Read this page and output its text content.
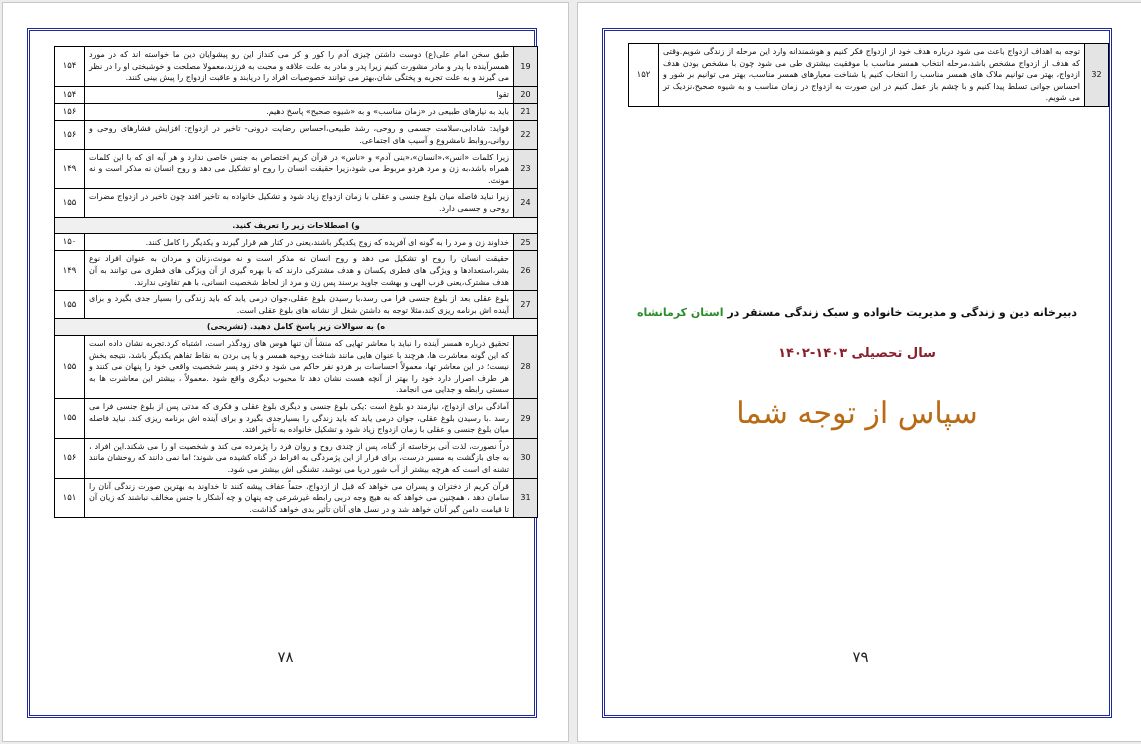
19	طبق سخن امام علی(ع) دوست داشتن چیزی آدم را کور و کر می کنداز این رو پیشوایان دین ما خواسته اند که در مورد همسرآینده با پدر و مادر مشورت کنیم زیرا پدر و مادر به علت علاقه و محبت به فرزند،معمولا مصلحت و خوشبختی او را در نظر می گیرند و به علت تجربه و پختگی شان،بهتر می توانند خصوصیات افراد را دریابند و عاقبت ازدواج را پیش بینی کنند.	۱۵۴
20	تقوا	۱۵۴
21	باید به نیازهای طبیعی در «زمان مناسب» و به «شیوه صحیح» پاسخ دهیم.	۱۵۶
22	فواید: شادابی،سلامت جسمی و روحی، رشد طبیعی،احساس رضایت درونی- تاخیر در ازدواج: افزایش فشارهای روحی و روانی،روابط نامشروع و آسیب های اجتماعی.	۱۵۶
23	زیرا کلمات «انس»،«انسان»،«بنی آدم» و «ناس» در قرآن کریم اختصاص به جنس خاصی ندارد و هر آیه ای که با این کلمات همراه باشد،به زن و مرد هردو مربوط می شود،زیرا حقیقت انسان را روح او تشکیل می دهد و روح انسان نه مذکر است و نه مونث.	۱۴۹
24	زیرا نباید فاصله میان بلوغ جنسی و عقلی با زمان ازدواج زیاد شود و تشکیل خانواده به تاخیر افتد چون تاخیر در ازدواج مضرات روحی و جسمی دارد.	۱۵۵
و) اصطلاحات زیر را تعریف کنید.		
25	خداوند زن و مرد را به گونه ای آفریده که زوج یکدیگر باشند،یعنی در کنار هم قرار گیرند و یکدیگر را کامل کنند.	۱۵۰
26	حقیقت انسان را روح او تشکیل می دهد و روح انسان نه مذکر است و نه مونث،زنان و مردان به عنوان افراد نوع بشر،استعدادها و ویژگی های فطری یکسان و هدف مشترکی دارند که با بهره گیری از آن ویژگی های فطری می توانند به آن هدف مشترک،یعنی قرب الهی و بهشت جاوید برسند پس زن و مرد از لحاظ شخصیت انسانی، با هم تفاوتی ندارند.	۱۴۹
27	بلوغ عقلی بعد از بلوغ جنسی فرا می رسد،با رسیدن بلوغ عقلی،جوان درمی یابد که باید زندگی را بسیار جدی بگیرد و برای آینده اش برنامه ریزی کند،مثلا توجه به داشتن شغل از نشانه های بلوغ عقلی است.	۱۵۵
ه) به سوالات زیر پاسخ کامل دهید. (تشریحی)		
28	تحقیق درباره همسر آینده را نباید با معاشر تهایی که منشأ آن تنها هوس های زودگذر است، اشتباه کرد.تجربه نشان داده است که این گونه معاشرت ها، هرچند با عنوان هایی مانند شناخت روحیه همسر و یا پی بردن به نقاط تفاهم یکدیگر باشد، نتیجه بخش نیست؛ در این معاشر تها، معمولاً احساسات بر هردو نفر حاکم می شود و دختر و پسر شخصیت واقعی خود را پنهان می کنند و هر طرف اصرار دارد خود را بهتر از آنچه هست نشان دهد تا محبوب دیگری واقع شود .معمولاً ، بیشتر این معاشرت ها به سستی رابطه و جدایی می انجامد.	۱۵۵
29	آمادگی برای ازدواج، نیازمند دو بلوغ است :یکی بلوغ جنسی و دیگری بلوغ عقلی و فکری که مدتی پس از بلوغ جنسی فرا می رسد .با رسیدن بلوغ عقلی، جوان درمی یابد که باید زندگی را بسیارجدی بگیرد و برای آینده اش برنامه ریزی کند. نباید فاصله میان بلوغ جنسی و عقلی با زمان ازدواج زیاد شود و تشکیل خانواده به تأخیر افتد.	۱۵۵
30	دراً نصورت، لذت آنی برخاسته از گناه، پس از چندی روح و روان فرد را پژمرده می کند و شخصیت او را می شکند.این افراد ، به جای بازگشت به مسیر درست، برای فرار از این پژمردگی به افراط در گناه کشیده می شوند؛ اما نمی دانند که روحشان مانند تشنه ای است که هرچه بیشتر از آب شور دریا می نوشد، تشنگی اش بیشتر می شود.	۱۵۶
31	قرآن کریم از دختران و پسران می خواهد که قبل از ازدواج، حتماً عفاف پیشه کنند تا خداوند به بهترین صورت زندگی آنان را سامان دهد ، همچنین می خواهد که به هیچ وجه دربی رابطه غیرشرعی چه پنهان و چه آشکار با جنس مخالف نباشند که زیان آن تا قیامت دامن گیر آنان خواهد شد و در نسل های آنان تأثیر بدی خواهد گذاشت.	۱۵۱
۷۸
32	توجه به اهداف ازدواج باعث می شود درباره هدف خود از ازدواج فکر کنیم و هوشمندانه وارد این مرحله از زندگی شویم.وقتی که هدف از ازدواج مشخص باشد،مرحله انتخاب همسر مناسب با موفقیت بیشتری طی می شود چون با مشخص بودن هدف ازدواج، بهتر می توانیم ملاک های همسر مناسب را انتخاب کنیم یا شناخت معیارهای همسر مناسب، بهتر می توانیم بر شور و احساس جوانی تسلط پیدا کنیم و با چشم باز عمل کنیم در این صورت به ازدواج در زمان مناسب و به شیوه صحیح،نزدیک تر می شویم.	۱۵۲
دبیرخانه دین و زندگی و مدیریت خانواده و سبک زندگی مستقر در استان کرمانشاه
سال تحصیلی ۱۴۰۳-۱۴۰۲
سپاس از توجه شما
۷۹
